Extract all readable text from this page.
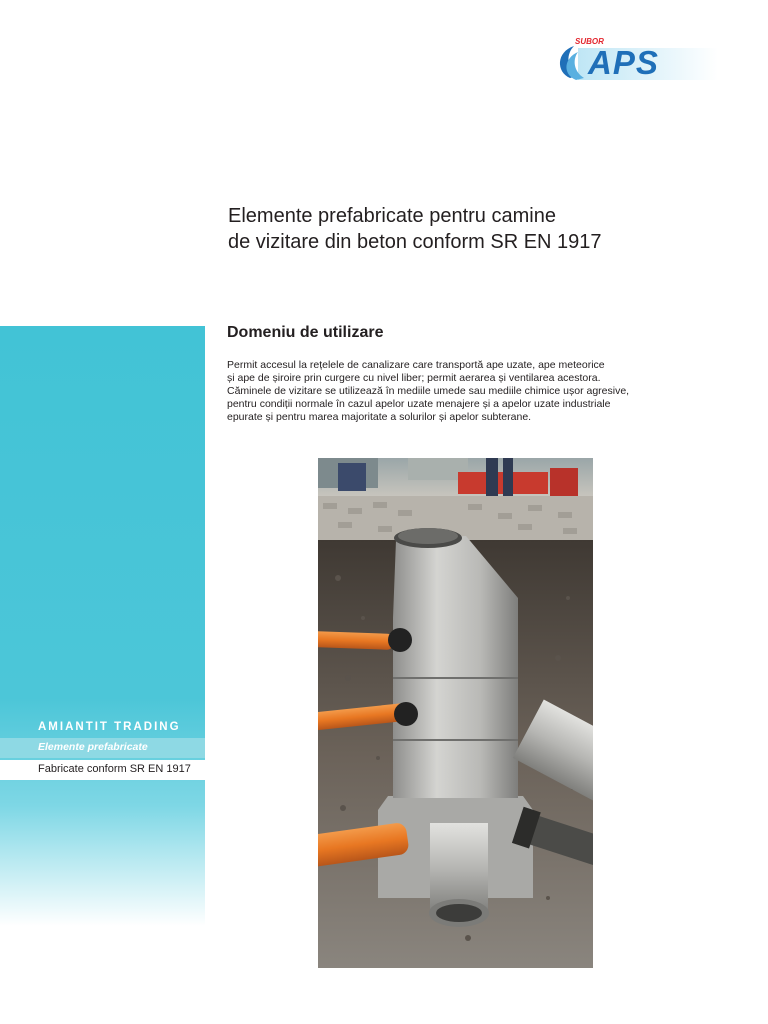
SUBOR
APS
Elemente prefabricate pentru camine
de vizitare din beton conform SR EN 1917
AMIANTIT TRADING
Elemente prefabricate
Fabricate conform SR EN 1917
Domeniu de utilizare
Permit accesul la rețelele de canalizare care transportă ape uzate, ape meteorice
și ape de șiroire prin curgere cu nivel liber; permit aerarea și ventilarea acestora.
Căminele de vizitare se utilizează în mediile umede sau mediile chimice ușor agresive,
pentru condiții normale în cazul apelor uzate menajere și a apelor uzate industriale
epurate și pentru marea majoritate a solurilor și apelor subterane.
